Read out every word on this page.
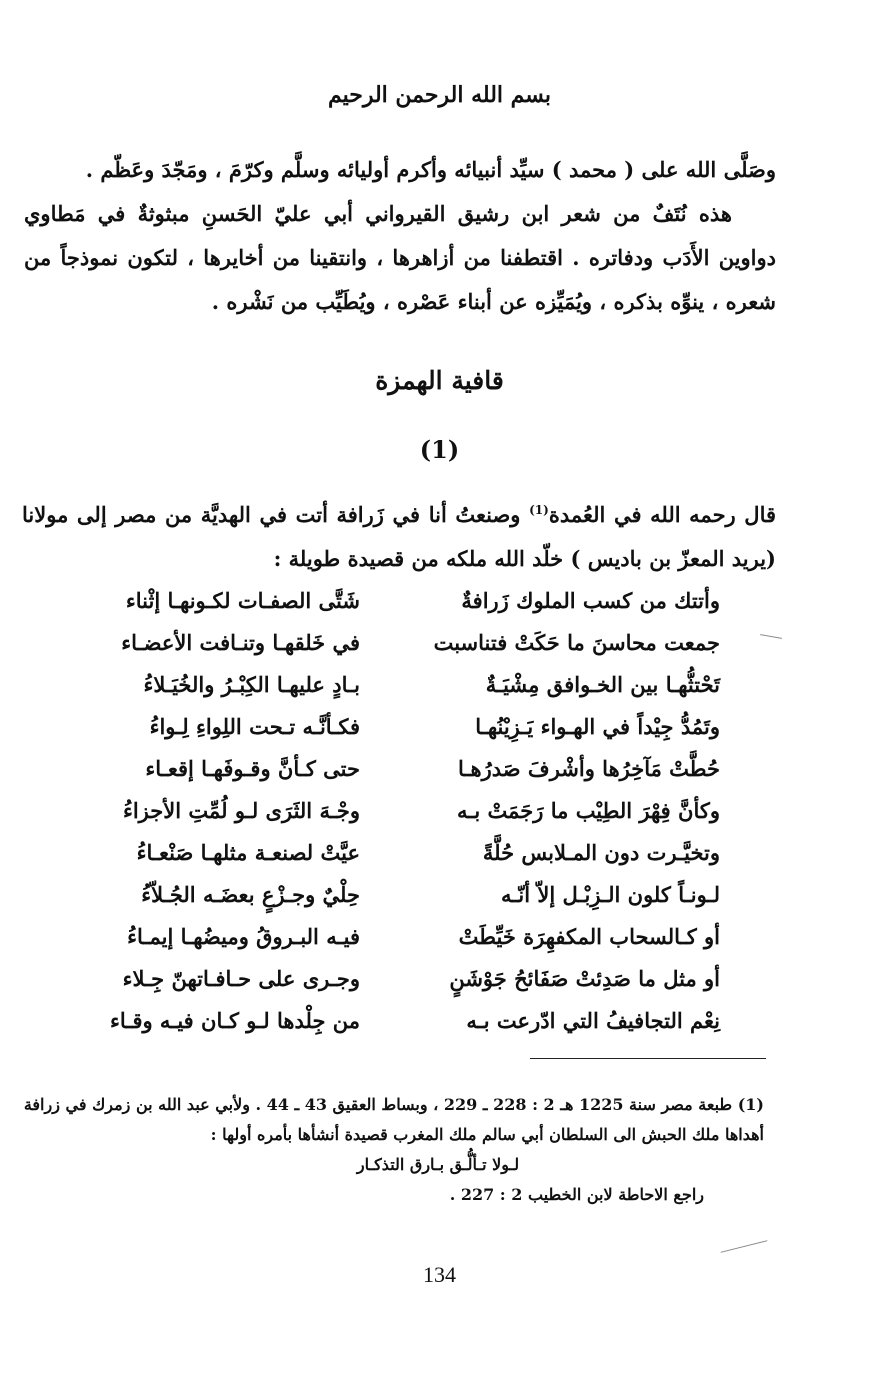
بسم الله الرحمن الرحيم

وصَلَّى الله على ( محمد ) سيِّد أنبيائه وأكرم أوليائه وسلَّم وكرّمَ ، ومَجّدَ وعَظّم .

هذه نُتَفٌ من شعر ابن رشيق القيرواني أبي عليّ الحَسنِ مبثوثةٌ في مَطاوي دواوين الأَدَب ودفاتره . اقتطفنا من أزاهرها ، وانتقينا من أخايرها ، لتكون نموذجاً من شعره ، ينوِّه بذكره ، ويُمَيِّزه عن أبناء عَصْره ، ويُطَيِّب من نَشْره .

قافية الهمزة
(1)
قال رحمه الله في العُمدة$^{(1)}$ وصنعتُ أنا في زَرافة أتت في الهديَّة من مصر إلى مولانا (يريد المعزّ بن باديس ) خلّد الله ملكه من قصيدة طويلة :
وأتتك من كسب الملوك زَرافةٌ
شَتَّى الصفـات لكـونهـا إثْناء
جمعت محاسنَ ما حَكَتْ فتناسبت
في خَلقهـا وتنـافت الأعضـاء
تَحْتثُّهـا بين الخـوافق مِشْيَـةٌ
بـادٍ عليهـا الكِبْـرُ والخُيَـلاءُ
وتَمُدُّ جِيْداً في الهـواء يَـزِيْنُهـا
فكـأنَّـه تـحت اللِواءِ لِـواءُ
حُطَّتْ مَآخِرُها وأشْرفَ صَدرُهـا
حتى كـأنَّ وقـوفَهـا إقعـاء
وكأنَّ فِهْرَ الطِيْب ما رَجَمَتْ بـه
وجْـهَ الثَرَى لـو لُمِّتِ الأجزاءُ
وتخيَّـرت دون المـلابس حُلَّةً
عيَّتْ لصنعـة مثلهـا صَنْعـاءُ
لـونـاً كلون الـزِبْـل إلاّ أنّـه
حِلْيٌ وجـزْعٍ بعضَـه الجُـلاّءُ
أو كـالسحاب المكفهِرَة خَيِّطَتْ
فيـه البـروقُ وميضُهـا إيمـاءُ
أو مثل ما صَدِئتْ صَفَائحُ جَوْشَنٍ
وجـرى على حـافـاتهنّ جِـلاء
نِعْم التجافيفُ التي ادّرعت بـه
من جِلْدها لـو كـان فيـه وقـاء

(1) طبعة مصر سنة 1225 هـ 2 : 228 ـ 229 ، وبساط العقيق 43 ـ 44 . ولأبي عبد الله بن زمرك في زرافة أهداها ملك الحبش الى السلطان أبي سالم ملك المغرب قصيدة أنشأها بأمره أولها :

لـولا تـألُّـق بـارق التذكـار

راجع الاحاطة لابن الخطيب 2 : 227 .

134
